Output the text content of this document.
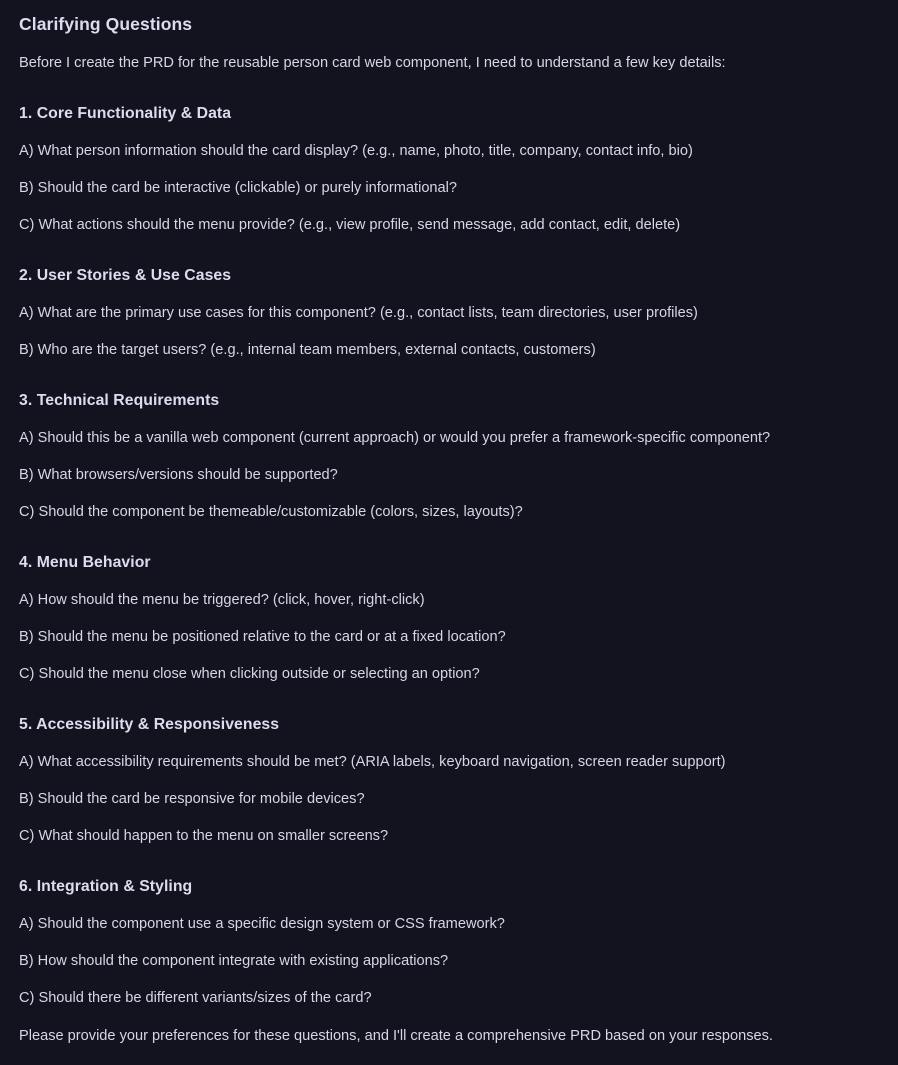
Clarifying Questions

Before I create the PRD for the reusable person card web component, I need to understand a few key details:

1. Core Functionality & Data
A) What person information should the card display? (e.g., name, photo, title, company, contact info, bio)
B) Should the card be interactive (clickable) or purely informational?
C) What actions should the menu provide? (e.g., view profile, send message, add contact, edit, delete)
2. User Stories & Use Cases
A) What are the primary use cases for this component? (e.g., contact lists, team directories, user profiles)
B) Who are the target users? (e.g., internal team members, external contacts, customers)
3. Technical Requirements
A) Should this be a vanilla web component (current approach) or would you prefer a framework-specific component?
B) What browsers/versions should be supported?
C) Should the component be themeable/customizable (colors, sizes, layouts)?
4. Menu Behavior
A) How should the menu be triggered? (click, hover, right-click)
B) Should the menu be positioned relative to the card or at a fixed location?
C) Should the menu close when clicking outside or selecting an option?
5. Accessibility & Responsiveness
A) What accessibility requirements should be met? (ARIA labels, keyboard navigation, screen reader support)
B) Should the card be responsive for mobile devices?
C) What should happen to the menu on smaller screens?
6. Integration & Styling
A) Should the component use a specific design system or CSS framework?
B) How should the component integrate with existing applications?
C) Should there be different variants/sizes of the card?

Please provide your preferences for these questions, and I'll create a comprehensive PRD based on your responses.
